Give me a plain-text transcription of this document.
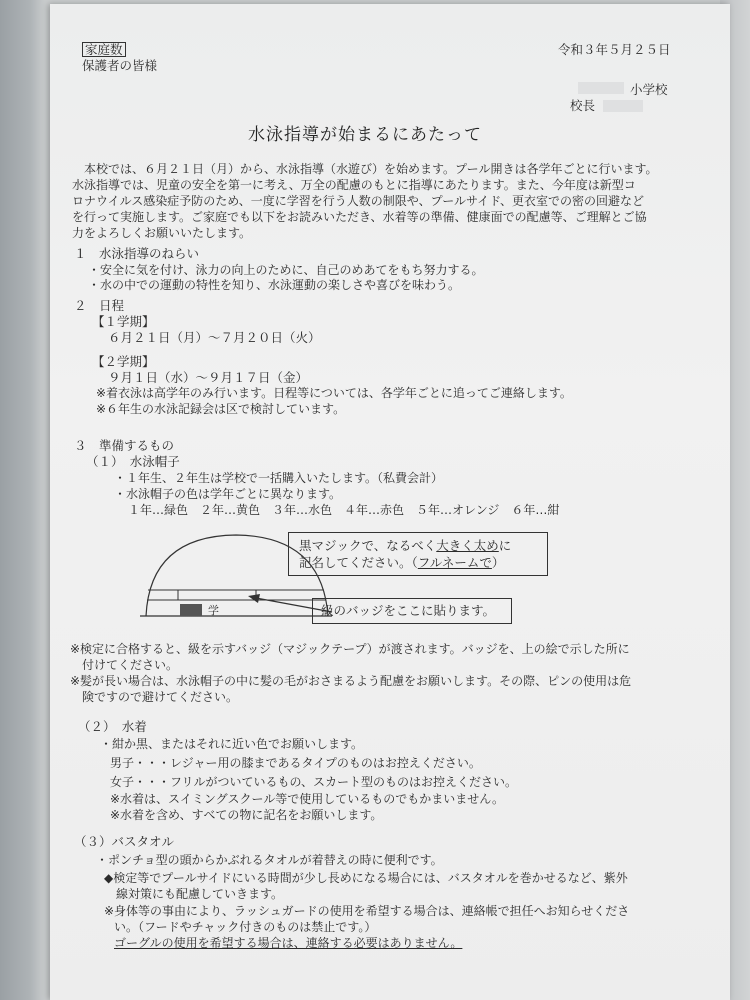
家庭数
保護者の皆様
令和３年５月２５日
小学校
校長
水泳指導が始まるにあたって
本校では、６月２１日（月）から、水泳指導（水遊び）を始めます。プール開きは各学年ごとに行います。
水泳指導では、児童の安全を第一に考え、万全の配慮のもとに指導にあたります。また、今年度は新型コ
ロナウイルス感染症予防のため、一度に学習を行う人数の制限や、プールサイド、更衣室での密の回避など
を行って実施します。ご家庭でも以下をお読みいただき、水着等の準備、健康面での配慮等、ご理解とご協
力をよろしくお願いいたします。
１　水泳指導のねらい
・安全に気を付け、泳力の向上のために、自己のめあてをもち努力する。
・水の中での運動の特性を知り、水泳運動の楽しさや喜びを味わう。
２　日程
【１学期】
６月２１日（月）～７月２０日（火）
【２学期】
９月１日（水）～９月１７日（金）
※着衣泳は高学年のみ行います。日程等については、各学年ごとに追ってご連絡します。
※６年生の水泳記録会は区で検討しています。
３　準備するもの
（１）　水泳帽子
・１年生、２年生は学校で一括購入いたします。（私費会計）
・水泳帽子の色は学年ごとに異なります。
１年…緑色　２年…黄色　３年…水色　４年…赤色　５年…オレンジ　６年…紺
学
黒マジックで、なるべく大きく太めに
記名してください。（フルネームで）
級のバッジをここに貼ります。
※検定に合格すると、級を示すバッジ（マジックテープ）が渡されます。バッジを、上の絵で示した所に
　付けてください。
※髪が長い場合は、水泳帽子の中に髪の毛がおさまるよう配慮をお願いします。その際、ピンの使用は危
　険ですので避けてください。
（２）　水着
・紺か黒、またはそれに近い色でお願いします。
男子・・・レジャー用の膝まであるタイプのものはお控えください。
女子・・・フリルがついているもの、スカート型のものはお控えください。
※水着は、スイミングスクール等で使用しているものでもかまいません。
※水着を含め、すべての物に記名をお願いします。
（３）バスタオル
・ポンチョ型の頭からかぶれるタオルが着替えの時に便利です。
◆検定等でプールサイドにいる時間が少し長めになる場合には、バスタオルを巻かせるなど、紫外
　線対策にも配慮していきます。
※身体等の事由により、ラッシュガードの使用を希望する場合は、連絡帳で担任へお知らせくださ
い。（フードやチャック付きのものは禁止です。）
ゴーグルの使用を希望する場合は、連絡する必要はありません。
